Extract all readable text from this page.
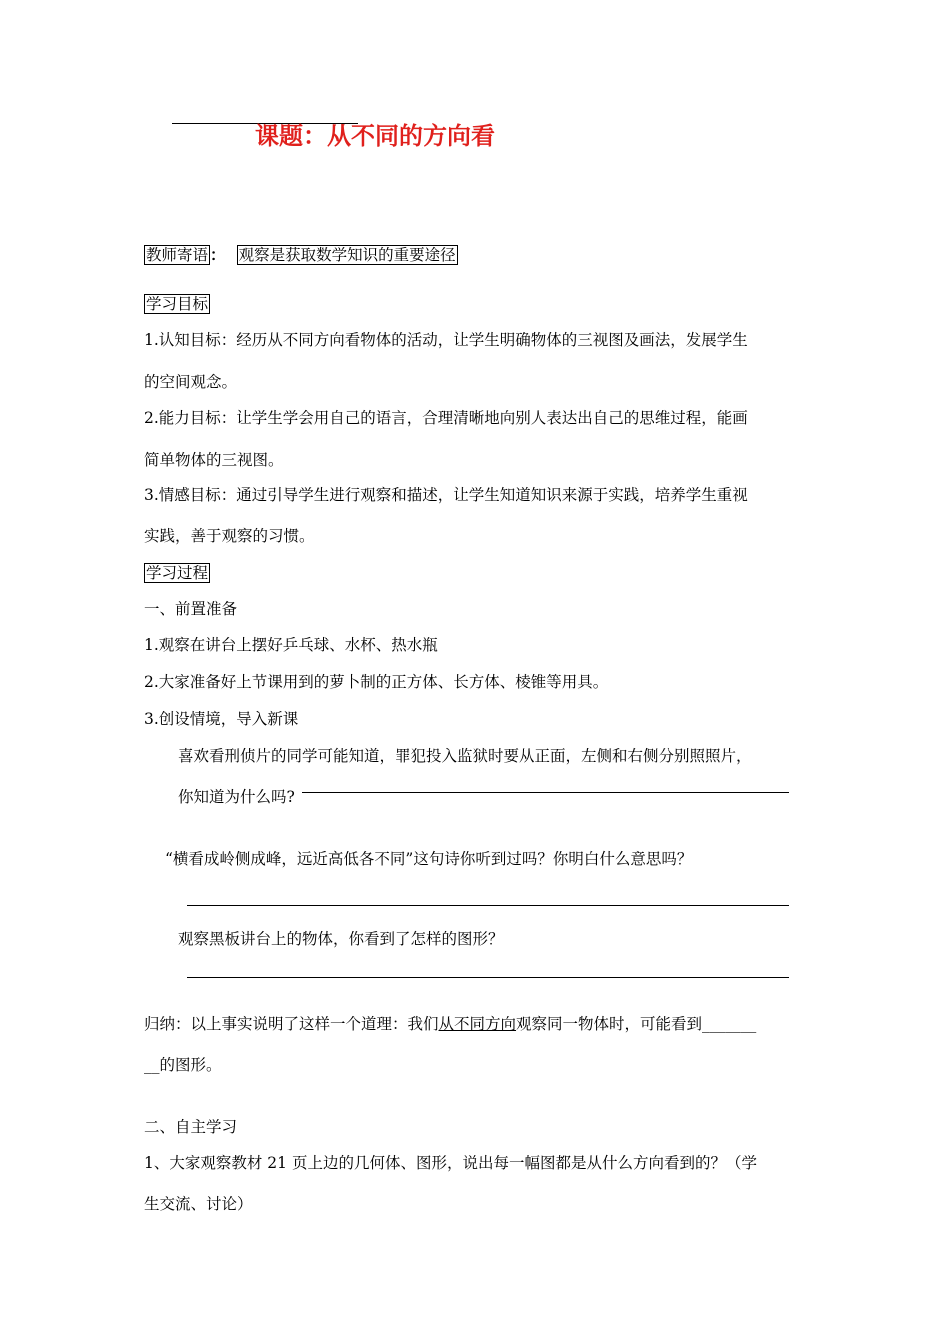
课题：从不同的方向看
教师寄语 ： 观察是获取数学知识的重要途径
学习目标
1.认知目标：经历从不同方向看物体的活动，让学生明确物体的三视图及画法，发展学生
的空间观念。
2.能力目标：让学生学会用自己的语言，合理清晰地向别人表达出自己的思维过程，能画
简单物体的三视图。
3.情感目标：通过引导学生进行观察和描述，让学生知道知识来源于实践，培养学生重视
实践，善于观察的习惯。
学习过程
一、前置准备
1.观察在讲台上摆好乒乓球、水杯、热水瓶
2.大家准备好上节课用到的萝卜制的正方体、长方体、棱锥等用具。
3.创设情境，导入新课
喜欢看刑侦片的同学可能知道，罪犯投入监狱时要从正面，左侧和右侧分别照照片，
你知道为什么吗?
“横看成岭侧成峰，远近高低各不同”这句诗你听到过吗？你明白什么意思吗？
观察黑板讲台上的物体，你看到了怎样的图形？
归纳：以上事实说明了这样一个道理：我们从不同方向观察同一物体时，可能看到_______
__的图形。
二、自主学习
1、大家观察教材 21 页上边的几何体、图形，说出每一幅图都是从什么方向看到的？（学
生交流、讨论）
